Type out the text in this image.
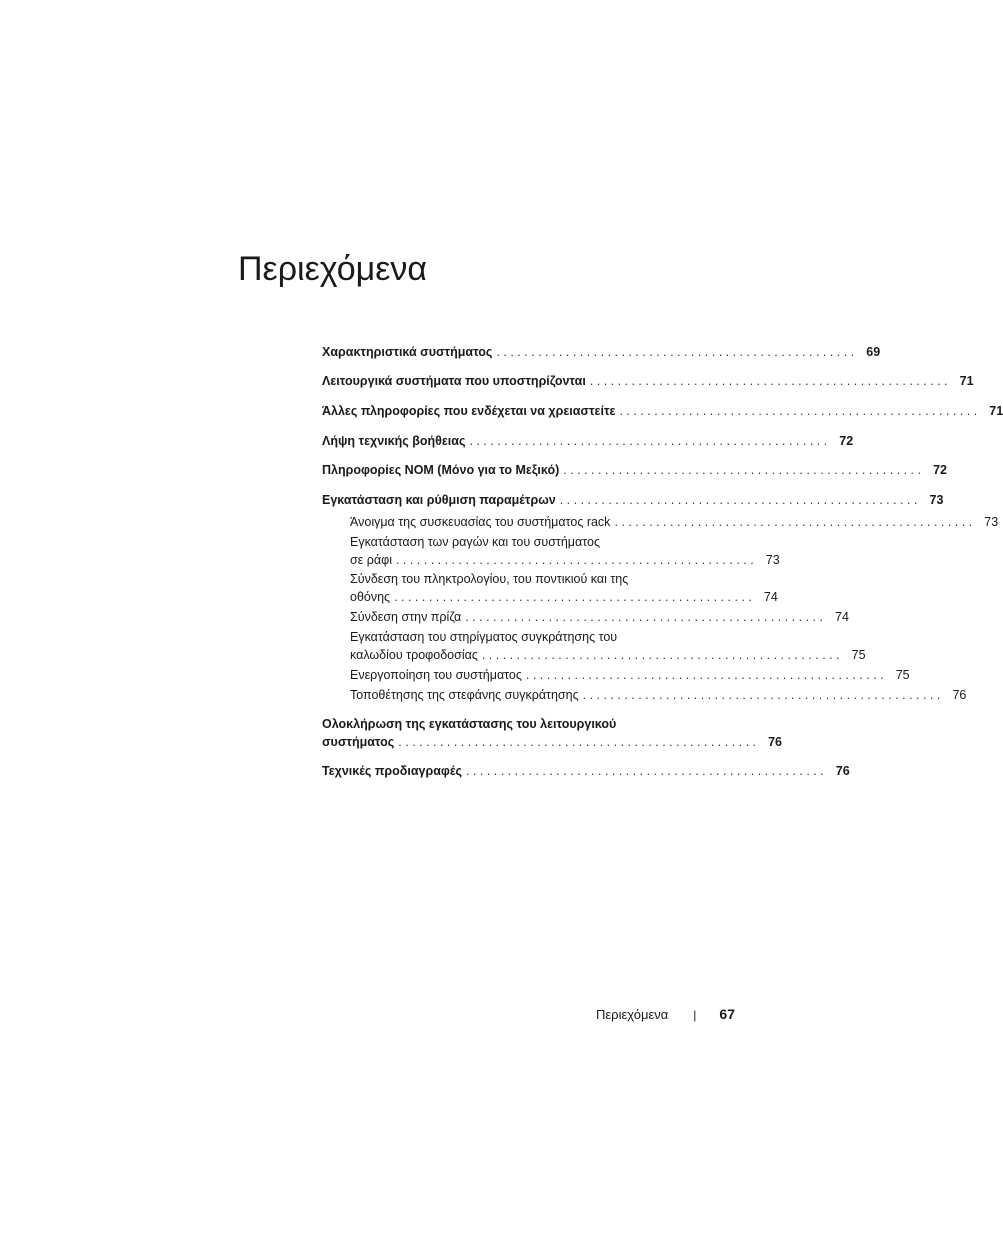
Περιεχόμενα
Χαρακτηριστικά συστήματος . . . . . . . . . . . . . . . . . . . . . . . . . . . . . . . . . . . . . . . . . . . . . . . . . . . . 69
Λειτουργικά συστήματα που υποστηρίζονται . . . . . . . . . . . . . . . . . . . . . . . . . . . . . . . . . . . . . . . . . . . . . . . . . . . . 71
Άλλες πληροφορίες που ενδέχεται να χρειαστείτε . . . . . . . . . . . . . . . . . . . . . . . . . . . . . . . . . . . . . . . . . . . . . . . . . . . . 71
Λήψη τεχνικής βοήθειας . . . . . . . . . . . . . . . . . . . . . . . . . . . . . . . . . . . . . . . . . . . . . . . . . . . . 72
Πληροφορίες NOM (Μόνο για το Μεξικό) . . . . . . . . . . . . . . . . . . . . . . . . . . . . . . . . . . . . . . . . . . . . . . . . . . . . 72
Εγκατάσταση και ρύθμιση παραμέτρων . . . . . . . . . . . . . . . . . . . . . . . . . . . . . . . . . . . . . . . . . . . . . . . . . . . . 73
Άνοιγμα της συσκευασίας του συστήματος rack . . . . . . . . . . . . . . . . . . . . . . . . . . . . . . . . . . . . . . . . . . . . . . . . . . . . 73
Εγκατάσταση των ραγών και του συστήματος
σε ράφι . . . . . . . . . . . . . . . . . . . . . . . . . . . . . . . . . . . . . . . . . . . . . . . . . . . . 73
Σύνδεση του πληκτρολογίου, του ποντικιού και της
οθόνης . . . . . . . . . . . . . . . . . . . . . . . . . . . . . . . . . . . . . . . . . . . . . . . . . . . . 74
Σύνδεση στην πρίζα . . . . . . . . . . . . . . . . . . . . . . . . . . . . . . . . . . . . . . . . . . . . . . . . . . . . 74
Εγκατάσταση του στηρίγματος συγκράτησης του
καλωδίου τροφοδοσίας . . . . . . . . . . . . . . . . . . . . . . . . . . . . . . . . . . . . . . . . . . . . . . . . . . . . 75
Ενεργοποίηση του συστήματος . . . . . . . . . . . . . . . . . . . . . . . . . . . . . . . . . . . . . . . . . . . . . . . . . . . . 75
Τοποθέτησης της στεφάνης συγκράτησης . . . . . . . . . . . . . . . . . . . . . . . . . . . . . . . . . . . . . . . . . . . . . . . . . . . . 76
Ολοκλήρωση της εγκατάστασης του λειτουργικού
συστήματος . . . . . . . . . . . . . . . . . . . . . . . . . . . . . . . . . . . . . . . . . . . . . . . . . . . . 76
Τεχνικές προδιαγραφές . . . . . . . . . . . . . . . . . . . . . . . . . . . . . . . . . . . . . . . . . . . . . . . . . . . . 76
Περιεχόμενα | 67
